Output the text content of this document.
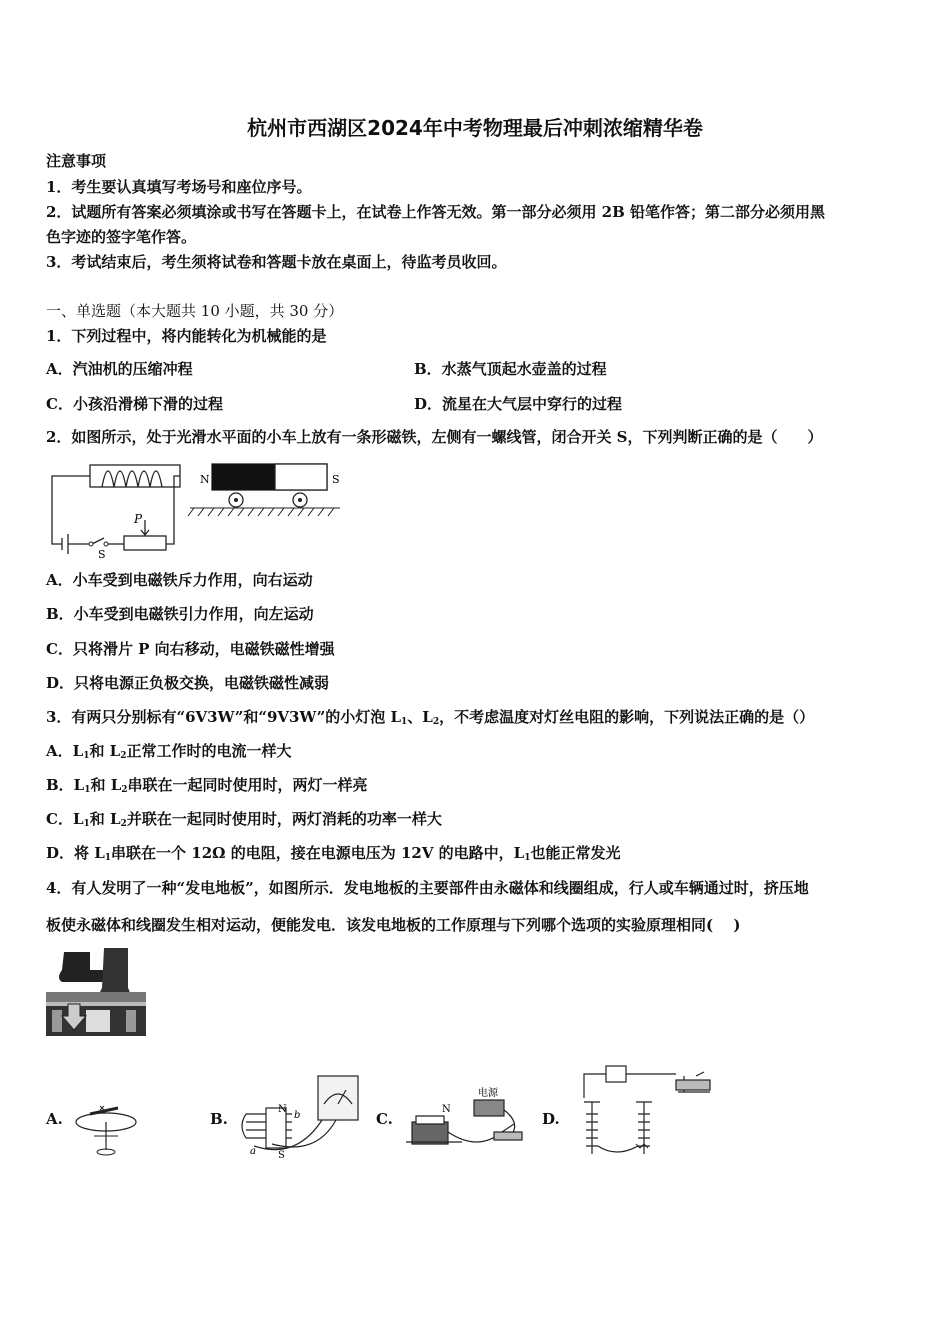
杭州市西湖区2024年中考物理最后冲刺浓缩精华卷
注意事项
1．考生要认真填写考场号和座位序号。
2．试题所有答案必须填涂或书写在答题卡上，在试卷上作答无效。第一部分必须用 2B 铅笔作答；第二部分必须用黑
色字迹的签字笔作答。
3．考试结束后，考生须将试卷和答题卡放在桌面上，待监考员收回。
一、单选题（本大题共 10 小题，共 30 分）
1．下列过程中，将内能转化为机械能的是
A．汽油机的压缩冲程	B．水蒸气顶起水壶盖的过程
C．小孩沿滑梯下滑的过程	D．流星在大气层中穿行的过程
2．如图所示，处于光滑水平面的小车上放有一条形磁铁，左侧有一螺线管，闭合开关 S，下列判断正确的是（　　）
P
S
N	S
A．小车受到电磁铁斥力作用，向右运动
B．小车受到电磁铁引力作用，向左运动
C．只将滑片 P 向右移动，电磁铁磁性增强
D．只将电源正负极交换，电磁铁磁性减弱
3．有两只分别标有“6V3W”和“9V3W”的小灯泡 $L_1$、$L_2$，不考虑温度对灯丝电阻的影响，下列说法正确的是（）
A．$L_1$和 $L_2$正常工作时的电流一样大
B．$L_1$和 $L_2$串联在一起同时使用时，两灯一样亮
C．$L_1$和 $L_2$并联在一起同时使用时，两灯消耗的功率一样大
D．将 $L_1$串联在一个 12Ω 的电阻，接在电源电压为 12V 的电路中，$L_1$也能正常发光
4．有人发明了一种“发电地板”，如图所示．发电地板的主要部件由永磁体和线圈组成，行人或车辆通过时，挤压地
板使永磁体和线圈发生相对运动，便能发电．该发电地板的工作原理与下列哪个选项的实验原理相同(　 )
A.	B.
N
S
a
b	C.
N
电源
D.
